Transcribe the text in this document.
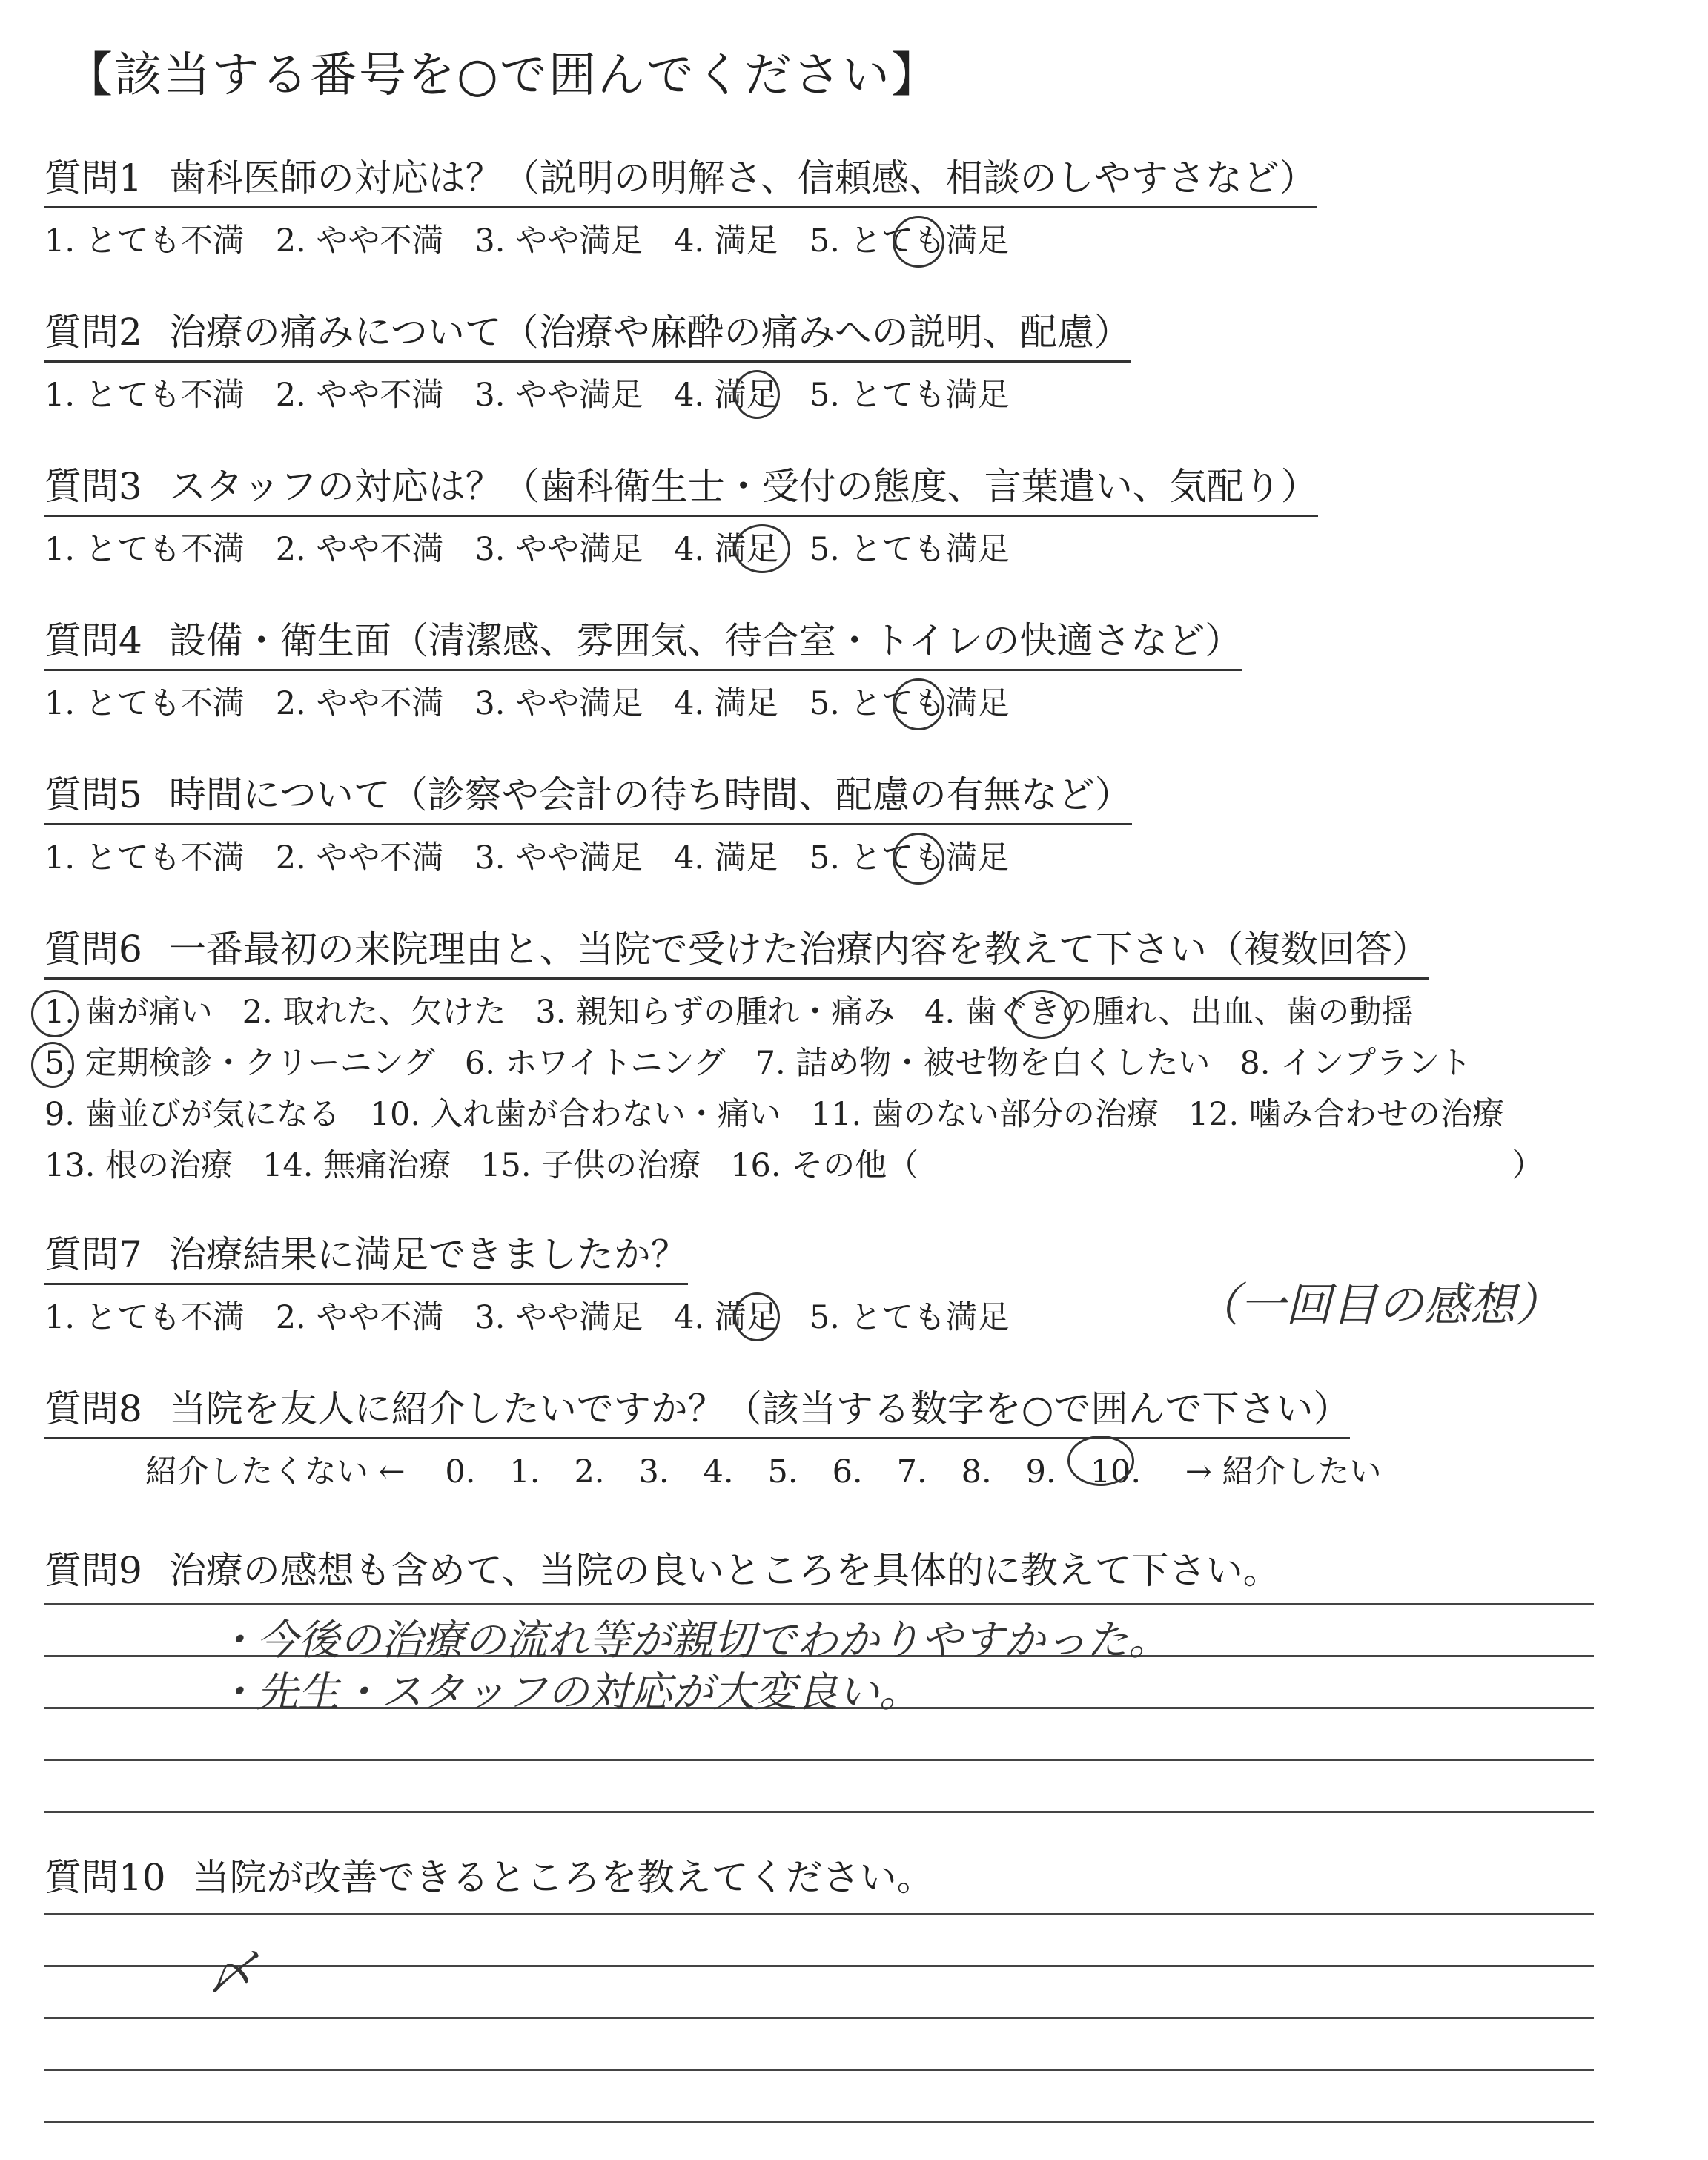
【該当する番号を○で囲んでください】
質問1 歯科医師の対応は？（説明の明解さ、信頼感、相談のしやすさなど）
1. とても不満 2. やや不満 3. やや満足 4. 満足 5. とても満足
質問2 治療の痛みについて（治療や麻酔の痛みへの説明、配慮）
1. とても不満 2. やや不満 3. やや満足 4. 満足 5. とても満足
質問3 スタッフの対応は？（歯科衛生士・受付の態度、言葉遣い、気配り）
1. とても不満 2. やや不満 3. やや満足 4. 満足 5. とても満足
質問4 設備・衛生面（清潔感、雰囲気、待合室・トイレの快適さなど）
1. とても不満 2. やや不満 3. やや満足 4. 満足 5. とても満足
質問5 時間について（診察や会計の待ち時間、配慮の有無など）
1. とても不満 2. やや不満 3. やや満足 4. 満足 5. とても満足
質問6 一番最初の来院理由と、当院で受けた治療内容を教えて下さい（複数回答）
1. 歯が痛い 2. 取れた、欠けた 3. 親知らずの腫れ・痛み 4. 歯ぐきの腫れ、出血、歯の動揺
5. 定期検診・クリーニング 6. ホワイトニング 7. 詰め物・被せ物を白くしたい 8. インプラント
9. 歯並びが気になる 10. 入れ歯が合わない・痛い 11. 歯のない部分の治療 12. 噛み合わせの治療
13. 根の治療 14. 無痛治療 15. 子供の治療 16. その他（	）
質問7 治療結果に満足できましたか？
1. とても不満 2. やや不満 3. やや満足 4. 満足 5. とても満足	（一回目の感想）
質問8 当院を友人に紹介したいですか？（該当する数字を○で囲んで下さい）
紹介したくない ← 0. 1. 2. 3. 4. 5. 6. 7. 8. 9. 10. → 紹介したい
質問9 治療の感想も含めて、当院の良いところを具体的に教えて下さい。
・今後の治療の流れ等が親切でわかりやすかった。
・先生・スタッフの対応が大変良い。
質問10 当院が改善できるところを教えてください。
〆
